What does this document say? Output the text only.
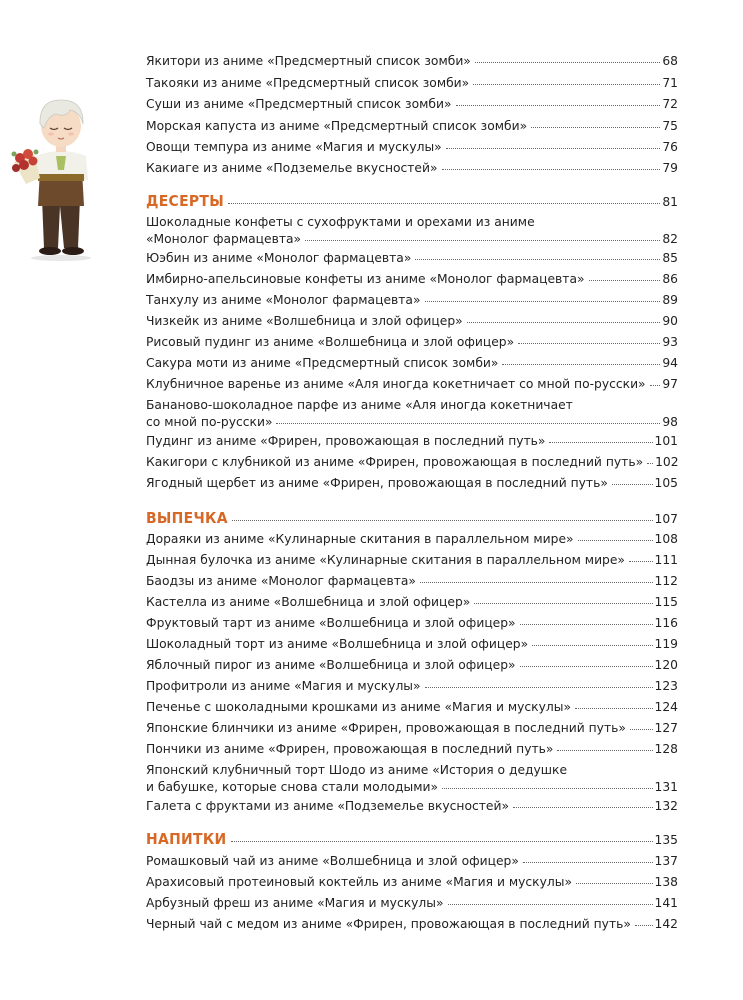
Якитори из аниме «Предсмертный список зомби»	68
Такояки из аниме «Предсмертный список зомби»	71
Суши из аниме «Предсмертный список зомби»	72
Морская капуста из аниме «Предсмертный список зомби»	75
Овощи темпура из аниме «Магия и мускулы»	76
Какиаге из аниме «Подземелье вкусностей»	79
ДЕСЕРТЫ	81
Шоколадные конфеты с сухофруктами и орехами из аниме
«Монолог фармацевта»	82
Юэбин из аниме «Монолог фармацевта»	85
Имбирно-апельсиновые конфеты из аниме «Монолог фармацевта»	86
Танхулу из аниме «Монолог фармацевта»	89
Чизкейк из аниме «Волшебница и злой офицер»	90
Рисовый пудинг из аниме «Волшебница и злой офицер»	93
Сакура моти из аниме «Предсмертный список зомби»	94
Клубничное варенье из аниме «Аля иногда кокетничает со мной по-русски» 97
Бананово-шоколадное парфе из аниме «Аля иногда кокетничает
со мной по-русски»	98
Пудинг из аниме «Фрирен, провожающая в последний путь»	101
Какигори с клубникой из аниме «Фрирен, провожающая в последний путь» 102
Ягодный щербет из аниме «Фрирен, провожающая в последний путь»	105
ВЫПЕЧКА	107
Дораяки из аниме «Кулинарные скитания в параллельном мире»	108
Дынная булочка из аниме «Кулинарные скитания в параллельном мире» 111
Баодзы из аниме «Монолог фармацевта»	112
Кастелла из аниме «Волшебница и злой офицер»	115
Фруктовый тарт из аниме «Волшебница и злой офицер»	116
Шоколадный торт из аниме «Волшебница и злой офицер»	119
Яблочный пирог из аниме «Волшебница и злой офицер»	120
Профитроли из аниме «Магия и мускулы»	123
Печенье с шоколадными крошками из аниме «Магия и мускулы»	124
Японские блинчики из аниме «Фрирен, провожающая в последний путь» 127
Пончики из аниме «Фрирен, провожающая в последний путь»	128
Японский клубничный торт Шодо из аниме «История о дедушке
и бабушке, которые снова стали молодыми»	131
Галета с фруктами из аниме «Подземелье вкусностей»	132
НАПИТКИ	135
Ромашковый чай из аниме «Волшебница и злой офицер»	137
Арахисовый протеиновый коктейль из аниме «Магия и мускулы»	138
Арбузный фреш из аниме «Магия и мускулы»	141
Черный чай с медом из аниме «Фрирен, провожающая в последний путь» 142
